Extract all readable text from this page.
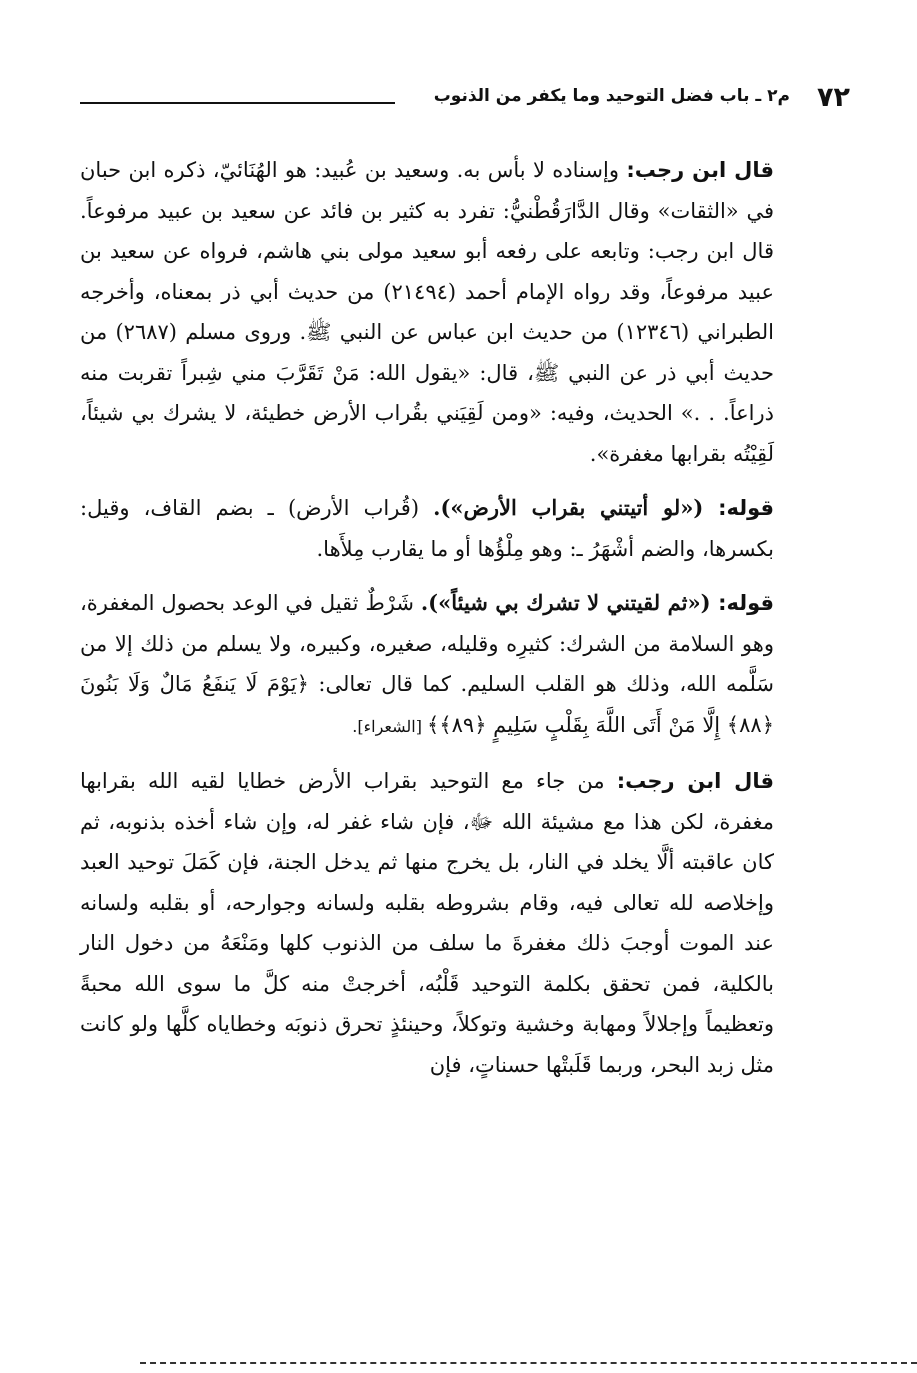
٧٢
م٢ ـ باب فضل التوحيد وما يكفر من الذنوب

قال ابن رجب: وإسناده لا بأس به. وسعيد بن عُبيد: هو الهُنَائيّ، ذكره ابن حبان في «الثقات» وقال الدَّارَقُطْنيُّ: تفرد به كثير بن فائد عن سعيد بن عبيد مرفوعاً. قال ابن رجب: وتابعه على رفعه أبو سعيد مولى بني هاشم، فرواه عن سعيد بن عبيد مرفوعاً، وقد رواه الإمام أحمد (٢١٤٩٤) من حديث أبي ذر بمعناه، وأخرجه الطبراني (١٢٣٤٦) من حديث ابن عباس عن النبي ﷺ. وروى مسلم (٢٦٨٧) من حديث أبي ذر عن النبي ﷺ، قال: «يقول الله: مَنْ تَقَرَّبَ مني شِبراً تقربت منه ذراعاً. . .» الحديث، وفيه: «ومن لَقِيَني بقُراب الأرض خطيئة، لا يشرك بي شيئاً، لَقِيْتُه بقرابها مغفرة».

قوله: («لو أتيتني بقراب الأرض»). (قُراب الأرض) ـ بضم القاف، وقيل: بكسرها، والضم أشْهَرُ ـ: وهو مِلْؤُها أو ما يقارب مِلأَها.

قوله: («ثم لقيتني لا تشرك بي شيئاً»). شَرْطٌ ثقيل في الوعد بحصول المغفرة، وهو السلامة من الشرك: كثيرِه وقليله، صغيره، وكبيره، ولا يسلم من ذلك إلا من سَلَّمه الله، وذلك هو القلب السليم. كما قال تعالى: ﴿يَوْمَ لَا يَنفَعُ مَالٌ وَلَا بَنُونَ ﴿٨٨﴾ إِلَّا مَنْ أَتَى اللَّهَ بِقَلْبٍ سَلِيمٍ ﴿٨٩﴾﴾ [الشعراء].

قال ابن رجب: من جاء مع التوحيد بقراب الأرض خطايا لقيه الله بقرابها مغفرة، لكن هذا مع مشيئة الله ﷻ، فإن شاء غفر له، وإن شاء أخذه بذنوبه، ثم كان عاقبته ألَّا يخلد في النار، بل يخرج منها ثم يدخل الجنة، فإن كَمَلَ توحيد العبد وإخلاصه لله تعالى فيه، وقام بشروطه بقلبه ولسانه وجوارحه، أو بقلبه ولسانه عند الموت أوجبَ ذلك مغفرةَ ما سلف من الذنوب كلها ومَنْعَهُ من دخول النار بالكلية، فمن تحقق بكلمة التوحيد قَلْبُه، أخرجتْ منه كلَّ ما سوى الله محبةً وتعظيماً وإجلالاً ومهابة وخشية وتوكلاً، وحينئذٍ تحرق ذنوبَه وخطاياه كلَّها ولو كانت مثل زبد البحر، وربما قَلَبتْها حسناتٍ، فإن
